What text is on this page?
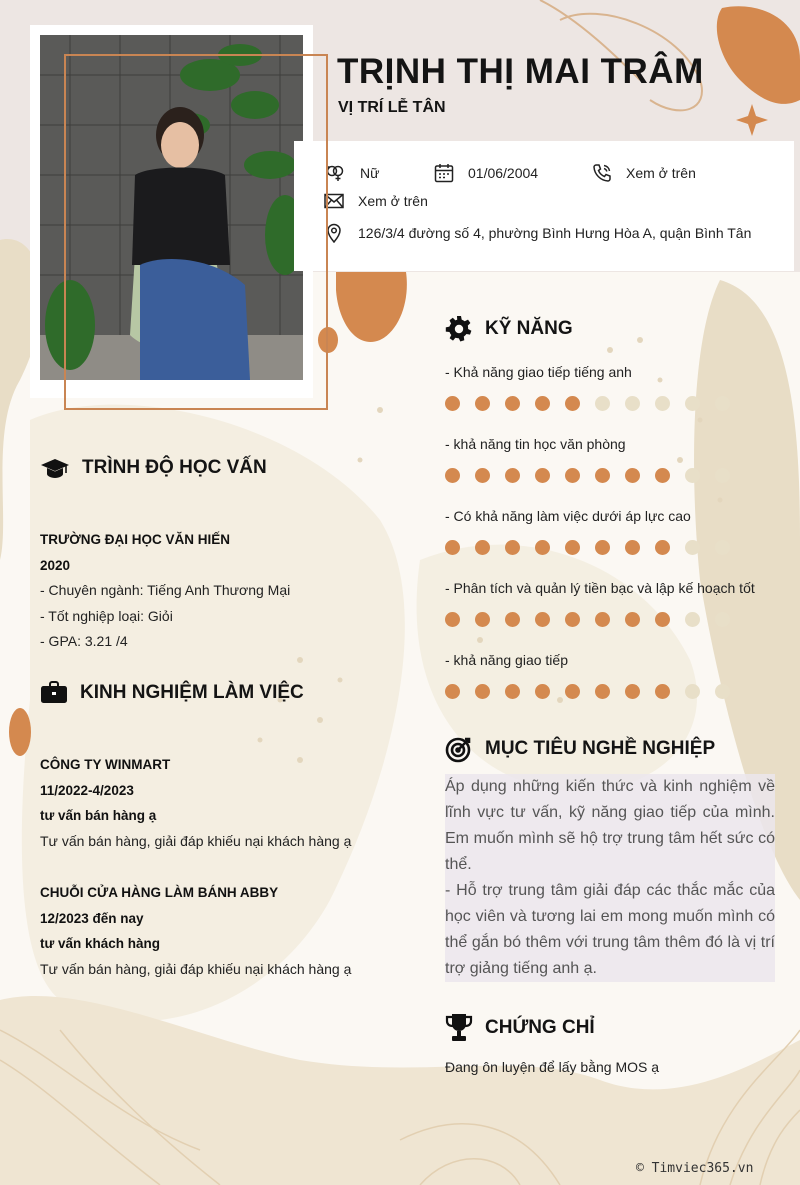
TRỊNH THỊ MAI TRÂM
VỊ TRÍ LỄ TÂN
Nữ	01/06/2004	Xem ở trên
Xem ở trên
126/3/4 đường số 4, phường Bình Hưng Hòa A, quận Bình Tân
TRÌNH ĐỘ HỌC VẤN
TRƯỜNG ĐẠI HỌC VĂN HIẾN
2020
- Chuyên ngành: Tiếng Anh Thương Mại
- Tốt nghiệp loại: Giỏi
- GPA: 3.21 /4
KINH NGHIỆM LÀM VIỆC
CÔNG TY WINMART
11/2022-4/2023
tư vấn bán hàng ạ
Tư vấn bán hàng, giải đáp khiếu nại khách hàng ạ
CHUỖI CỬA HÀNG LÀM BÁNH ABBY
12/2023 đến nay
tư vấn khách hàng
Tư vấn bán hàng, giải đáp khiếu nại khách hàng ạ
KỸ NĂNG
- Khả năng giao tiếp tiếng anh
- khả năng tin học văn phòng
- Có khả năng làm việc dưới áp lực cao
- Phân tích và quản lý tiền bạc và lập kế hoạch tốt
- khả năng giao tiếp
MỤC TIÊU NGHỀ NGHIỆP

Áp dụng những kiến thức và kinh nghiệm về lĩnh vực tư vấn, kỹ năng giao tiếp của mình. Em muốn mình sẽ hộ trợ trung tâm hết sức có thể.

- Hỗ trợ trung tâm giải đáp các thắc mắc của học viên và tương lai em mong muốn mình có thể gắn bó thêm với trung tâm thêm đó là vị trí trợ giảng tiếng anh ạ.

CHỨNG CHỈ
Đang ôn luyện để lấy bằng MOS ạ
© Timviec365.vn
